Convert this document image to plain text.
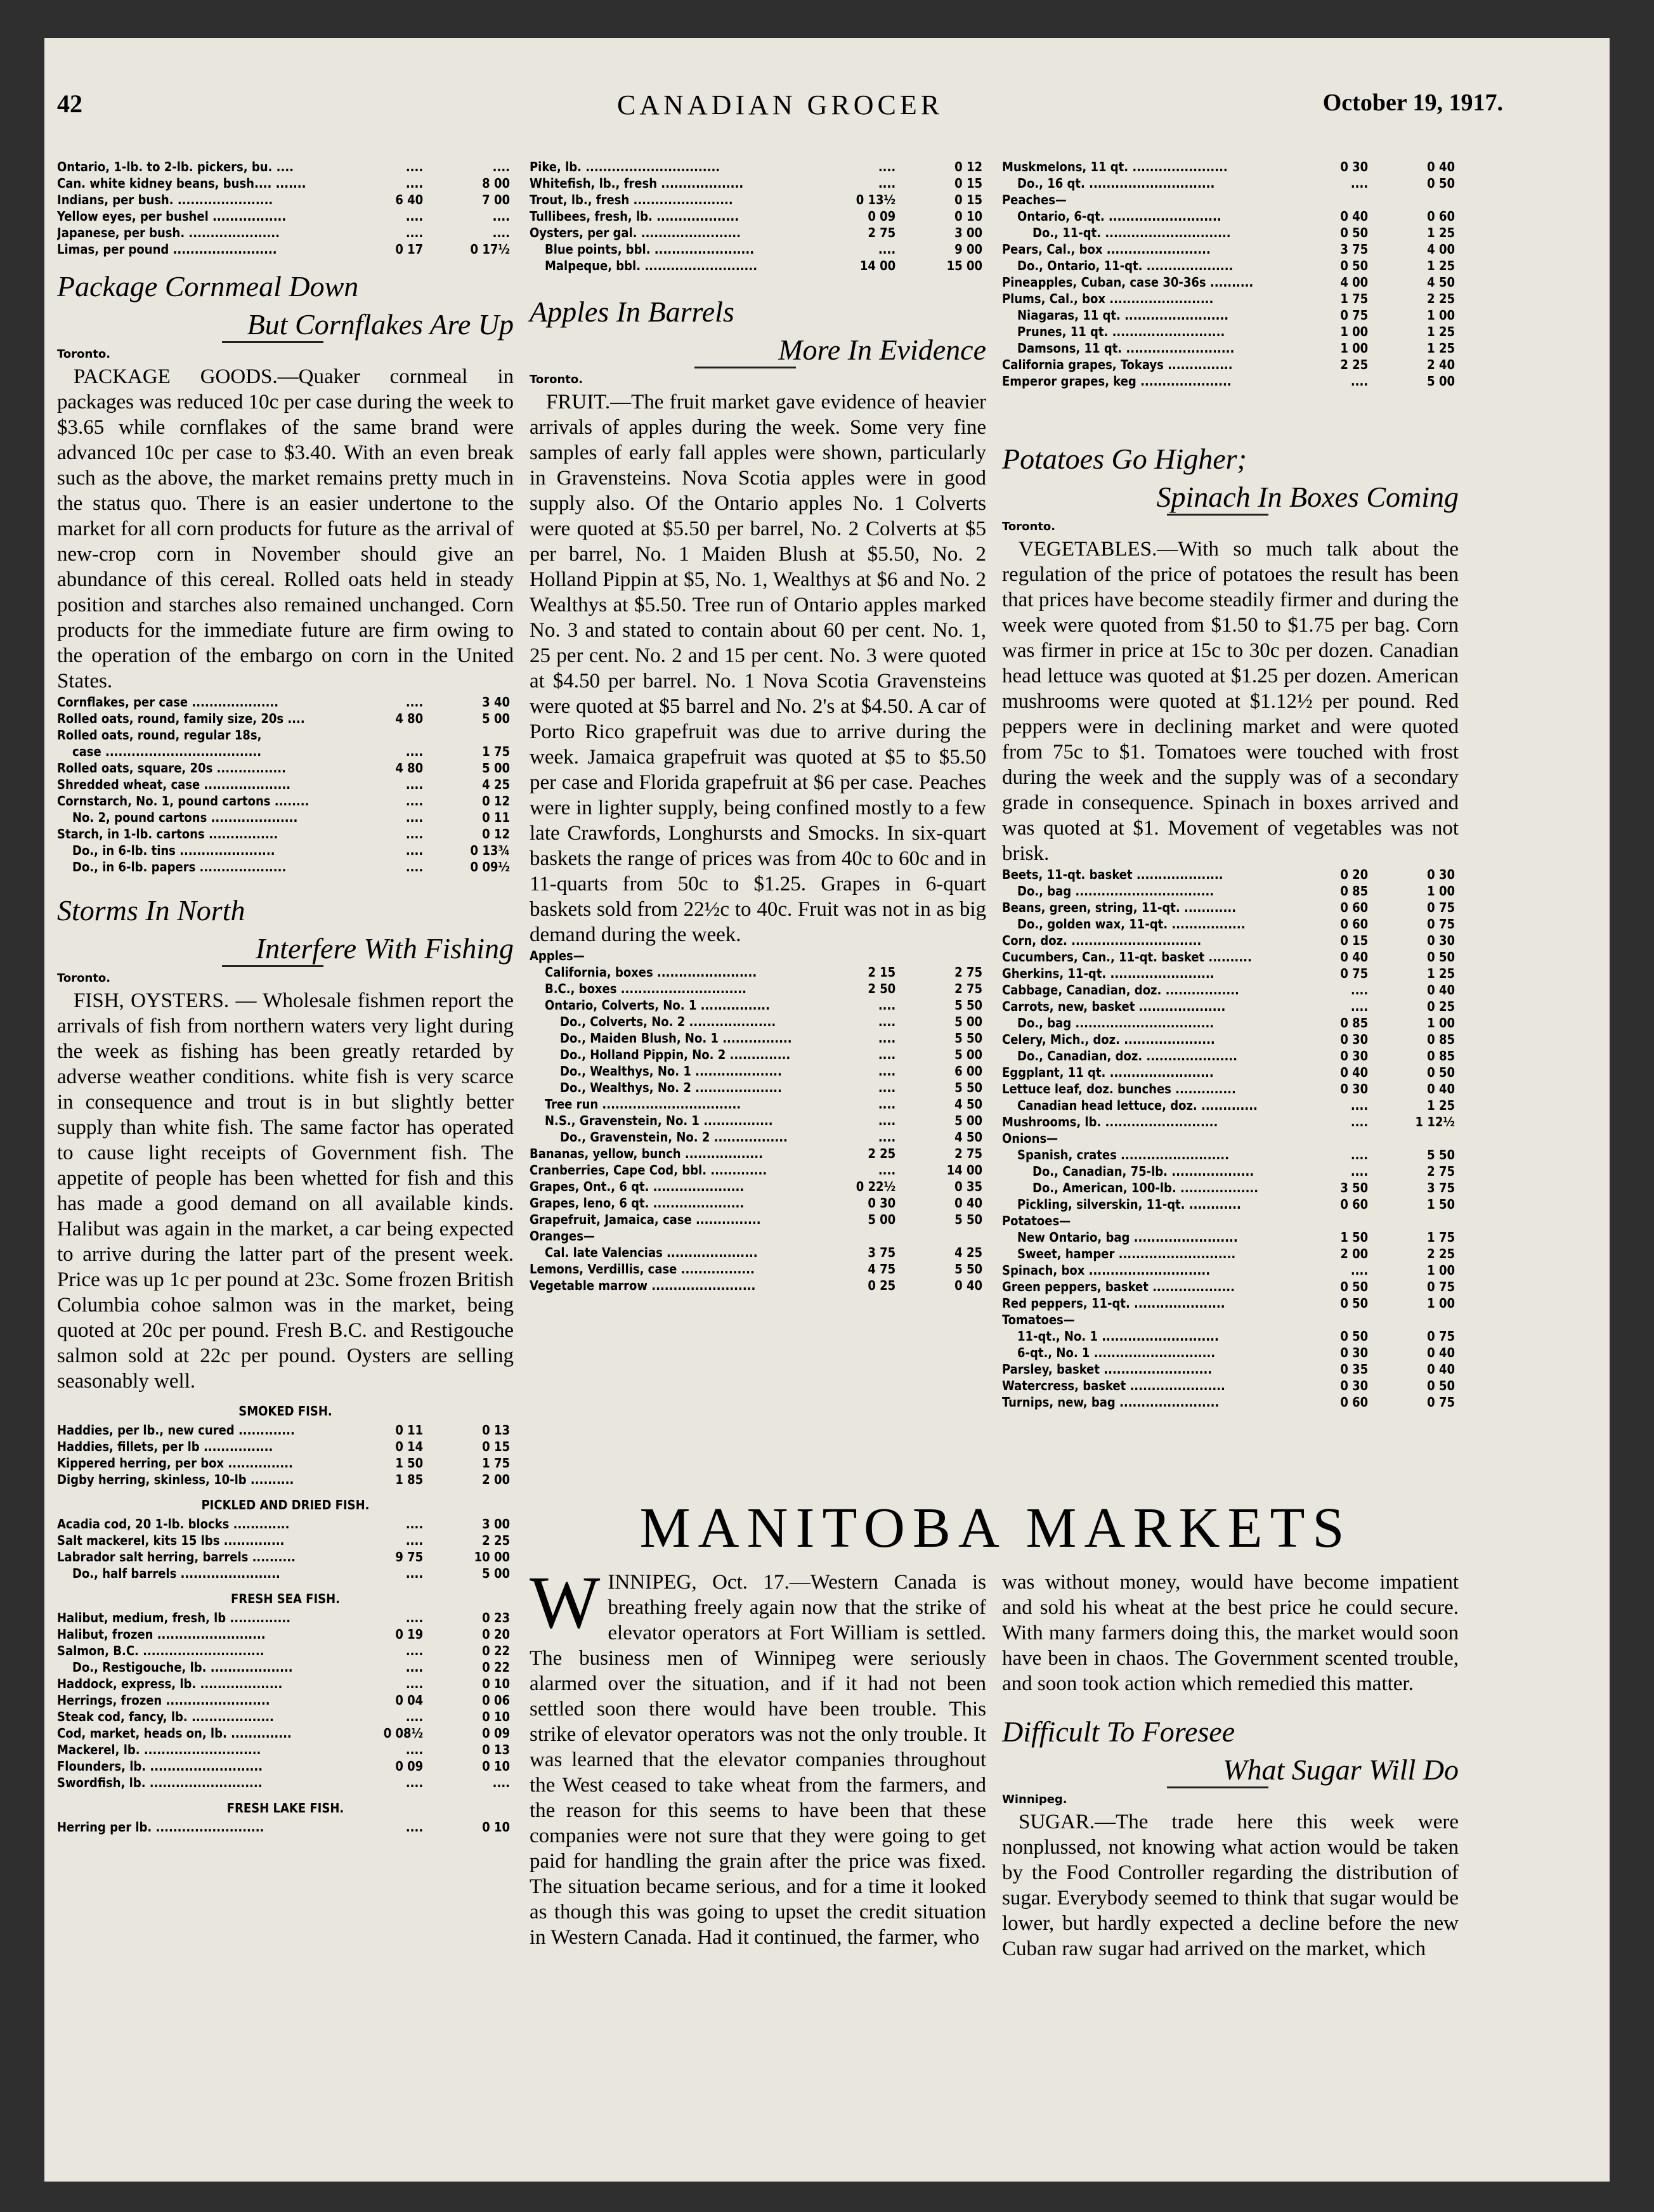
42	CANADIAN GROCER	October 19, 1917.
Ontario, 1-lb. to 2-lb. pickers, bu. ....	....	....
Can. white kidney beans, bush.... .......	....	8 00
Indians, per bush. ......................	6 40	7 00
Yellow eyes, per bushel .................	....	....
Japanese, per bush. .....................	....	....
Limas, per pound ........................	0 17	0 17½
Package Cornmeal Down
But Cornflakes Are Up
Toronto.

PACKAGE GOODS.—Quaker cornmeal in packages was reduced 10c per case during the week to $3.65 while cornflakes of the same brand were advanced 10c per case to $3.40. With an even break such as the above, the market remains pretty much in the status quo. There is an easier undertone to the market for all corn products for future as the arrival of new-crop corn in November should give an abundance of this cereal. Rolled oats held in steady position and starches also remained unchanged. Corn products for the immediate future are firm owing to the operation of the embargo on corn in the United States.

Cornflakes, per case ....................	....	3 40
Rolled oats, round, family size, 20s ....	4 80	5 00
Rolled oats, round, regular 18s,		
case ....................................	....	1 75
Rolled oats, square, 20s ................	4 80	5 00
Shredded wheat, case ....................	....	4 25
Cornstarch, No. 1, pound cartons ........	....	0 12
No. 2, pound cartons ....................	....	0 11
Starch, in 1-lb. cartons ................	....	0 12
Do., in 6-lb. tins ......................	....	0 13¾
Do., in 6-lb. papers ....................	....	0 09½
Storms In North
Interfere With Fishing
Toronto.

FISH, OYSTERS. — Wholesale fishmen report the arrivals of fish from northern waters very light during the week as fishing has been greatly retarded by adverse weather conditions. white fish is very scarce in consequence and trout is in but slightly better supply than white fish. The same factor has operated to cause light receipts of Government fish. The appetite of people has been whetted for fish and this has made a good demand on all available kinds. Halibut was again in the market, a car being expected to arrive during the latter part of the present week. Price was up 1c per pound at 23c. Some frozen British Columbia cohoe salmon was in the market, being quoted at 20c per pound. Fresh B.C. and Restigouche salmon sold at 22c per pound. Oysters are selling seasonably well.

SMOKED FISH.		
Haddies, per lb., new cured .............	0 11	0 13
Haddies, fillets, per lb ................	0 14	0 15
Kippered herring, per box ...............	1 50	1 75
Digby herring, skinless, 10-lb ..........	1 85	2 00
PICKLED AND DRIED FISH.		
Acadia cod, 20 1-lb. blocks .............	....	3 00
Salt mackerel, kits 15 lbs ..............	....	2 25
Labrador salt herring, barrels ..........	9 75	10 00
Do., half barrels .......................	....	5 00
FRESH SEA FISH.		
Halibut, medium, fresh, lb ..............	....	0 23
Halibut, frozen .........................	0 19	0 20
Salmon, B.C. ............................	....	0 22
Do., Restigouche, lb. ...................	....	0 22
Haddock, express, lb. ...................	....	0 10
Herrings, frozen ........................	0 04	0 06
Steak cod, fancy, lb. ...................	....	0 10
Cod, market, heads on, lb. ..............	0 08½	0 09
Mackerel, lb. ...........................	....	0 13
Flounders, lb. ..........................	0 09	0 10
Swordfish, lb. ..........................	....	....
FRESH LAKE FISH.		
Herring per lb. .........................	....	0 10
Pike, lb. ...............................	....	0 12
Whitefish, lb., fresh ...................	....	0 15
Trout, lb., fresh .......................	0 13½	0 15
Tullibees, fresh, lb. ...................	0 09	0 10
Oysters, per gal. .......................	2 75	3 00
Blue points, bbl. .......................	....	9 00
Malpeque, bbl. ..........................	14 00	15 00
Apples In Barrels
More In Evidence
Toronto.

FRUIT.—The fruit market gave evidence of heavier arrivals of apples during the week. Some very fine samples of early fall apples were shown, particularly in Gravensteins. Nova Scotia apples were in good supply also. Of the Ontario apples No. 1 Colverts were quoted at $5.50 per barrel, No. 2 Colverts at $5 per barrel, No. 1 Maiden Blush at $5.50, No. 2 Holland Pippin at $5, No. 1, Wealthys at $6 and No. 2 Wealthys at $5.50. Tree run of Ontario apples marked No. 3 and stated to contain about 60 per cent. No. 1, 25 per cent. No. 2 and 15 per cent. No. 3 were quoted at $4.50 per barrel. No. 1 Nova Scotia Gravensteins were quoted at $5 barrel and No. 2's at $4.50. A car of Porto Rico grapefruit was due to arrive during the week. Jamaica grapefruit was quoted at $5 to $5.50 per case and Florida grapefruit at $6 per case. Peaches were in lighter supply, being confined mostly to a few late Crawfords, Longhursts and Smocks. In six-quart baskets the range of prices was from 40c to 60c and in 11-quarts from 50c to $1.25. Grapes in 6-quart baskets sold from 22½c to 40c. Fruit was not in as big demand during the week.

Apples—		
California, boxes .......................	2 15	2 75
B.C., boxes .............................	2 50	2 75
Ontario, Colverts, No. 1 ................	....	5 50
Do., Colverts, No. 2 ....................	....	5 00
Do., Maiden Blush, No. 1 ................	....	5 50
Do., Holland Pippin, No. 2 ..............	....	5 00
Do., Wealthys, No. 1 ....................	....	6 00
Do., Wealthys, No. 2 ....................	....	5 50
Tree run ................................	....	4 50
N.S., Gravenstein, No. 1 ................	....	5 00
Do., Gravenstein, No. 2 .................	....	4 50
Bananas, yellow, bunch ..................	2 25	2 75
Cranberries, Cape Cod, bbl. .............	....	14 00
Grapes, Ont., 6 qt. .....................	0 22½	0 35
Grapes, leno, 6 qt. .....................	0 30	0 40
Grapefruit, Jamaica, case ...............	5 00	5 50
Oranges—		
Cal. late Valencias .....................	3 75	4 25
Lemons, Verdillis, case .................	4 75	5 50
Vegetable marrow ........................	0 25	0 40
Muskmelons, 11 qt. ......................	0 30	0 40
Do., 16 qt. .............................	....	0 50
Peaches—		
Ontario, 6-qt. ..........................	0 40	0 60
Do., 11-qt. .............................	0 50	1 25
Pears, Cal., box ........................	3 75	4 00
Do., Ontario, 11-qt. ....................	0 50	1 25
Pineapples, Cuban, case 30-36s ..........	4 00	4 50
Plums, Cal., box ........................	1 75	2 25
Niagaras, 11 qt. ........................	0 75	1 00
Prunes, 11 qt. ..........................	1 00	1 25
Damsons, 11 qt. .........................	1 00	1 25
California grapes, Tokays ...............	2 25	2 40
Emperor grapes, keg .....................	....	5 00
Potatoes Go Higher;
Spinach In Boxes Coming
Toronto.

VEGETABLES.—With so much talk about the regulation of the price of potatoes the result has been that prices have become steadily firmer and during the week were quoted from $1.50 to $1.75 per bag. Corn was firmer in price at 15c to 30c per dozen. Canadian head lettuce was quoted at $1.25 per dozen. American mushrooms were quoted at $1.12½ per pound. Red peppers were in declining market and were quoted from 75c to $1. Tomatoes were touched with frost during the week and the supply was of a secondary grade in consequence. Spinach in boxes arrived and was quoted at $1. Movement of vegetables was not brisk.

Beets, 11-qt. basket ....................	0 20	0 30
Do., bag ................................	0 85	1 00
Beans, green, string, 11-qt. ............	0 60	0 75
Do., golden wax, 11-qt. .................	0 60	0 75
Corn, doz. ..............................	0 15	0 30
Cucumbers, Can., 11-qt. basket ..........	0 40	0 50
Gherkins, 11-qt. ........................	0 75	1 25
Cabbage, Canadian, doz. .................	....	0 40
Carrots, new, basket ....................	....	0 25
Do., bag ................................	0 85	1 00
Celery, Mich., doz. .....................	0 30	0 85
Do., Canadian, doz. .....................	0 30	0 85
Eggplant, 11 qt. ........................	0 40	0 50
Lettuce leaf, doz. bunches ..............	0 30	0 40
Canadian head lettuce, doz. .............	....	1 25
Mushrooms, lb. ..........................	....	1 12½
Onions—		
Spanish, crates .........................	....	5 50
Do., Canadian, 75-lb. ...................	....	2 75
Do., American, 100-lb. ..................	3 50	3 75
Pickling, silverskin, 11-qt. ............	0 60	1 50
Potatoes—		
New Ontario, bag ........................	1 50	1 75
Sweet, hamper ...........................	2 00	2 25
Spinach, box ............................	....	1 00
Green peppers, basket ...................	0 50	0 75
Red peppers, 11-qt. .....................	0 50	1 00
Tomatoes—		
11-qt., No. 1 ...........................	0 50	0 75
6-qt., No. 1 ............................	0 30	0 40
Parsley, basket .........................	0 35	0 40
Watercress, basket ......................	0 30	0 50
Turnips, new, bag .......................	0 60	0 75
MANITOBA MARKETS

WINNIPEG, Oct. 17.—Western Canada is breathing freely again now that the strike of elevator operators at Fort William is settled. The business men of Winnipeg were seriously alarmed over the situation, and if it had not been settled soon there would have been trouble. This strike of elevator operators was not the only trouble. It was learned that the elevator companies throughout the West ceased to take wheat from the farmers, and the reason for this seems to have been that these companies were not sure that they were going to get paid for handling the grain after the price was fixed. The situation became serious, and for a time it looked as though this was going to upset the credit situation in Western Canada. Had it continued, the farmer, who

was without money, would have become impatient and sold his wheat at the best price he could secure. With many farmers doing this, the market would soon have been in chaos. The Government scented trouble, and soon took action which remedied this matter.

Difficult To Foresee
What Sugar Will Do
Winnipeg.

SUGAR.—The trade here this week were nonplussed, not knowing what action would be taken by the Food Controller regarding the distribution of sugar. Everybody seemed to think that sugar would be lower, but hardly expected a decline before the new Cuban raw sugar had arrived on the market, which
